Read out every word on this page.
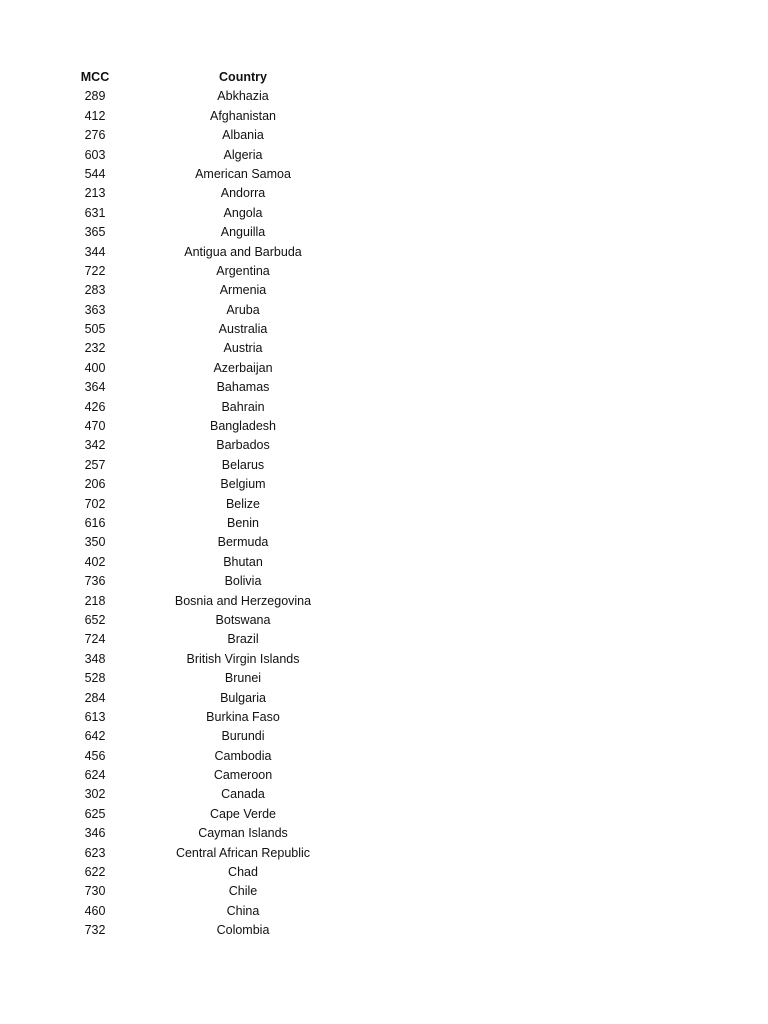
MCC	Country
289	Abkhazia
412	Afghanistan
276	Albania
603	Algeria
544	American Samoa
213	Andorra
631	Angola
365	Anguilla
344	Antigua and Barbuda
722	Argentina
283	Armenia
363	Aruba
505	Australia
232	Austria
400	Azerbaijan
364	Bahamas
426	Bahrain
470	Bangladesh
342	Barbados
257	Belarus
206	Belgium
702	Belize
616	Benin
350	Bermuda
402	Bhutan
736	Bolivia
218	Bosnia and Herzegovina
652	Botswana
724	Brazil
348	British Virgin Islands
528	Brunei
284	Bulgaria
613	Burkina Faso
642	Burundi
456	Cambodia
624	Cameroon
302	Canada
625	Cape Verde
346	Cayman Islands
623	Central African Republic
622	Chad
730	Chile
460	China
732	Colombia
